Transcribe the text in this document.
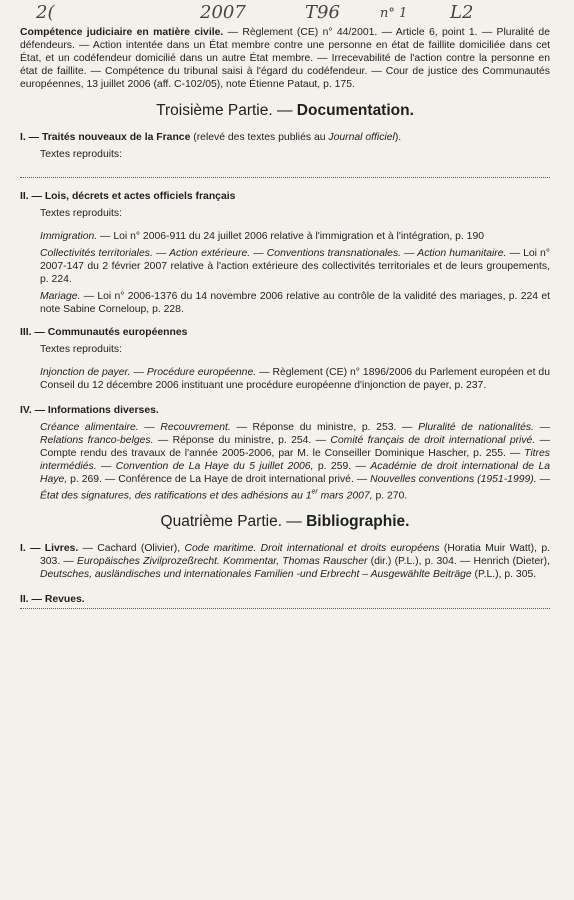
2(	2007	T96	n° 1 L2

Compétence judiciaire en matière civile. — Règlement (CE) n° 44/2001. — Article 6, point 1. — Pluralité de défendeurs. — Action intentée dans un État membre contre une personne en état de faillite domiciliée dans cet État, et un codéfendeur domicilié dans un autre État membre. — Irrecevabilité de l'action contre la personne en état de faillite. — Compétence du tribunal saisi à l'égard du codéfendeur. — Cour de justice des Communautés européennes, 13 juillet 2006 (aff. C-102/05), note Étienne Pataut, p. 175.

Troisième Partie. — Documentation.

I. — Traités nouveaux de la France (relevé des textes publiés au Journal officiel).

Textes reproduits:

II. — Lois, décrets et actes officiels français

Textes reproduits:

Immigration. — Loi n° 2006-911 du 24 juillet 2006 relative à l'immigration et à l'intégration, p. 190

Collectivités territoriales. — Action extérieure. — Conventions transnationales. — Action humanitaire. — Loi n° 2007-147 du 2 février 2007 relative à l'action extérieure des collectivités territoriales et de leurs groupements, p. 224.

Mariage. — Loi n° 2006-1376 du 14 novembre 2006 relative au contrôle de la validité des mariages, p. 224 et note Sabine Corneloup, p. 228.

III. — Communautés européennes

Textes reproduits:

Injonction de payer. — Procédure européenne. — Règlement (CE) n° 1896/2006 du Parlement européen et du Conseil du 12 décembre 2006 instituant une procédure européenne d'injonction de payer, p. 237.

IV. — Informations diverses.

Créance alimentaire. — Recouvrement. — Réponse du ministre, p. 253. — Pluralité de nationalités. — Relations franco-belges. — Réponse du ministre, p. 254. — Comité français de droit international privé. — Compte rendu des travaux de l'année 2005-2006, par M. le Conseiller Dominique Hascher, p. 255. — Titres intermédiés. — Convention de La Haye du 5 juillet 2006, p. 259. — Académie de droit international de La Haye, p. 269. — Conférence de La Haye de droit international privé. — Nouvelles conventions (1951-1999). — État des signatures, des ratifications et des adhésions au 1er mars 2007, p. 270.

Quatrième Partie. — Bibliographie.

I. — Livres. — Cachard (Olivier), Code maritime. Droit international et droits européens (Horatia Muir Watt), p. 303. — Europäisches Zivilprozeßrecht. Kommentar, Thomas Rauscher (dir.) (P.L.), p. 304. — Henrich (Dieter), Deutsches, ausländisches und internationales Familien -und Erbrecht – Ausgewählte Beiträge (P.L.), p. 305.

II. — Revues.
